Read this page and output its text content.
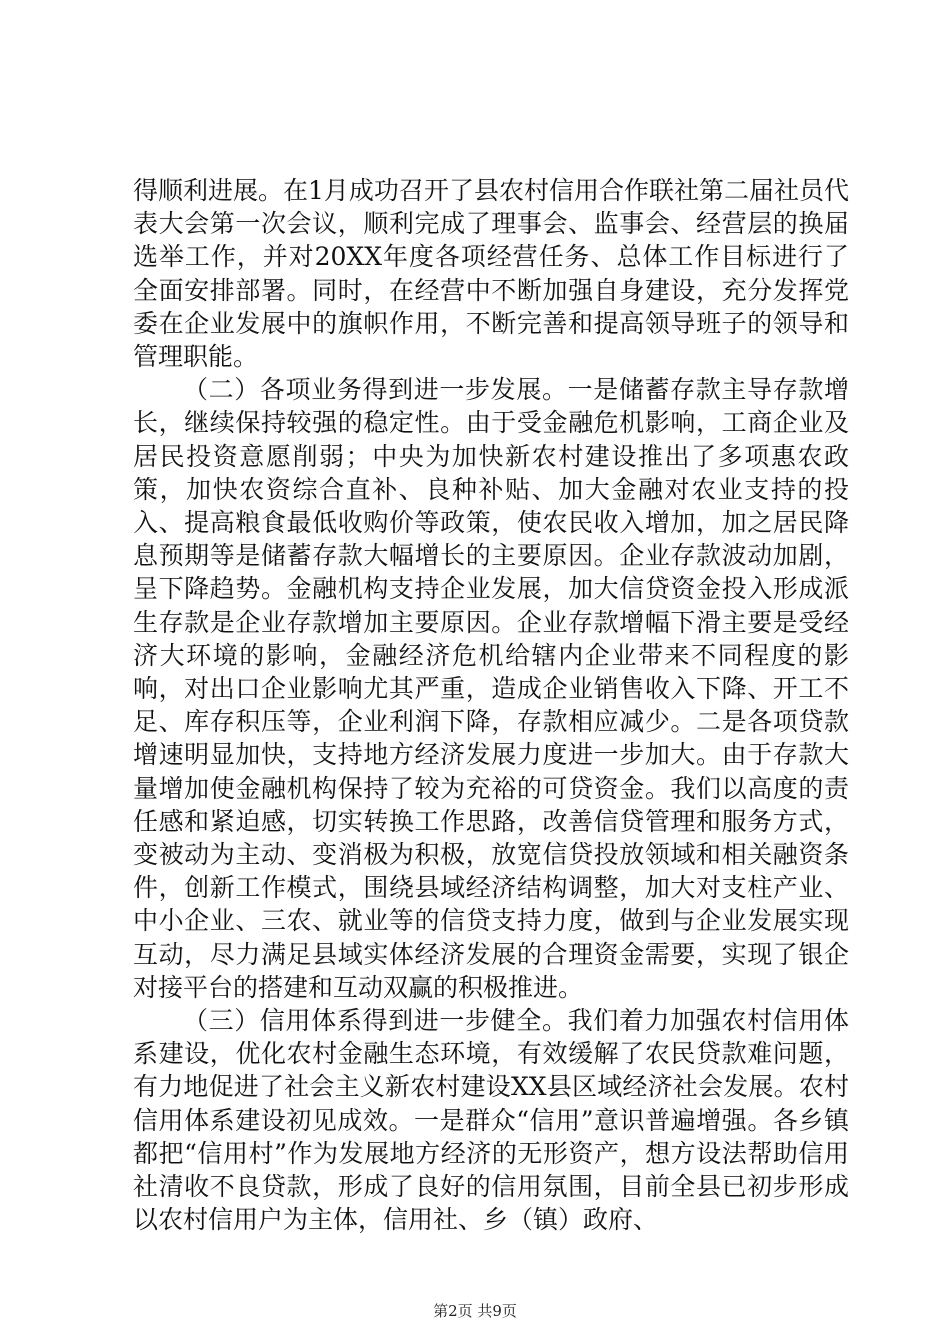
得顺利进展。在1月成功召开了县农村信用合作联社第二届社员代表大会第一次会议，顺利完成了理事会、监事会、经营层的换届选举工作，并对20XX年度各项经营任务、总体工作目标进行了全面安排部署。同时，在经营中不断加强自身建设，充分发挥党委在企业发展中的旗帜作用，不断完善和提高领导班子的领导和管理职能。

（二）各项业务得到进一步发展。一是储蓄存款主导存款增长，继续保持较强的稳定性。由于受金融危机影响，工商企业及居民投资意愿削弱；中央为加快新农村建设推出了多项惠农政策，加快农资综合直补、良种补贴、加大金融对农业支持的投入、提高粮食最低收购价等政策，使农民收入增加，加之居民降息预期等是储蓄存款大幅增长的主要原因。企业存款波动加剧，呈下降趋势。金融机构支持企业发展，加大信贷资金投入形成派生存款是企业存款增加主要原因。企业存款增幅下滑主要是受经济大环境的影响，金融经济危机给辖内企业带来不同程度的影响，对出口企业影响尤其严重，造成企业销售收入下降、开工不足、库存积压等，企业利润下降，存款相应减少。二是各项贷款增速明显加快，支持地方经济发展力度进一步加大。由于存款大量增加使金融机构保持了较为充裕的可贷资金。我们以高度的责任感和紧迫感，切实转换工作思路，改善信贷管理和服务方式，变被动为主动、变消极为积极，放宽信贷投放领域和相关融资条件，创新工作模式，围绕县域经济结构调整，加大对支柱产业、中小企业、三农、就业等的信贷支持力度，做到与企业发展实现互动，尽力满足县域实体经济发展的合理资金需要，实现了银企对接平台的搭建和互动双赢的积极推进。

（三）信用体系得到进一步健全。我们着力加强农村信用体系建设，优化农村金融生态环境，有效缓解了农民贷款难问题，有力地促进了社会主义新农村建设XX县区域经济社会发展。农村信用体系建设初见成效。一是群众“信用”意识普遍增强。各乡镇都把“信用村”作为发展地方经济的无形资产，想方设法帮助信用社清收不良贷款，形成了良好的信用氛围，目前全县已初步形成以农村信用户为主体，信用社、乡（镇）政府、

第2页 共9页
